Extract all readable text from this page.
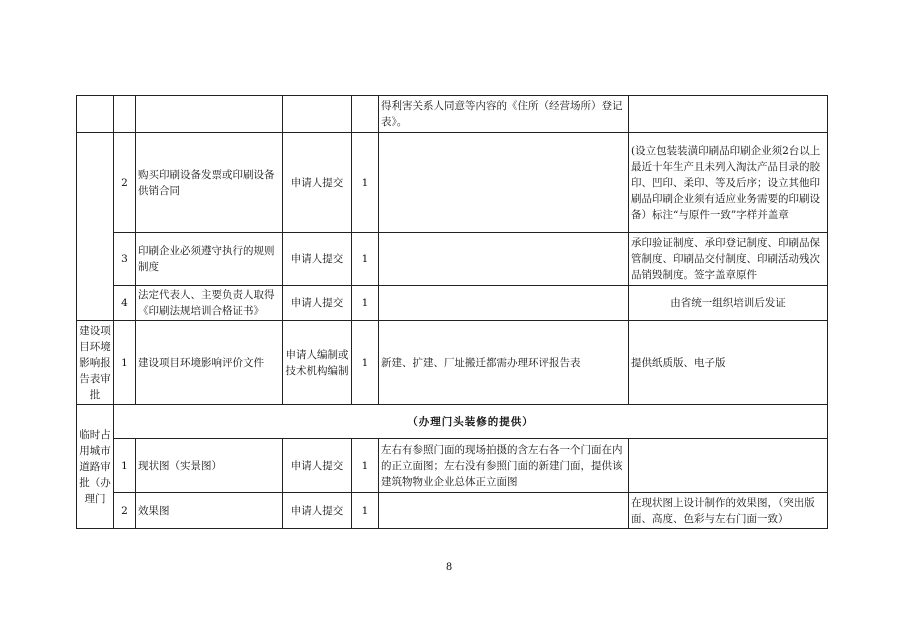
					得利害关系人同意等内容的《住所（经营场所）登记表》。	
	2	购买印刷设备发票或印刷设备供销合同	申请人提交	1		(设立包装装潢印刷品印刷企业须2台以上最近十年生产且未列入淘汰产品目录的胶印、凹印、柔印、等及后序；设立其他印刷品印刷企业须有适应业务需要的印刷设备）标注“与原件一致”字样并盖章
	3	印刷企业必须遵守执行的规则制度	申请人提交	1		承印验证制度、承印登记制度、印刷品保管制度、印刷品交付制度、印刷活动残次品销毁制度。签字盖章原件
	4	法定代表人、主要负责人取得《印刷法规培训合格证书》	申请人提交	1		由省统一组织培训后发证
建设项目环境影响报告表审批	1	建设项目环境影响评价文件	申请人编制或技术机构编制	1	新建、扩建、厂址搬迁都需办理环评报告表	提供纸质版、电子版
临时占用城市道路审批（办理门	（办理门头装修的提供）					
	1	现状图（实景图）	申请人提交	1	左右有参照门面的现场拍摄的含左右各一个门面在内的正立面图；左右没有参照门面的新建门面，提供该建筑物物业企业总体正立面图	
	2	效果图	申请人提交	1		在现状图上设计制作的效果图，（突出版面、高度、色彩与左右门面一致）
8
